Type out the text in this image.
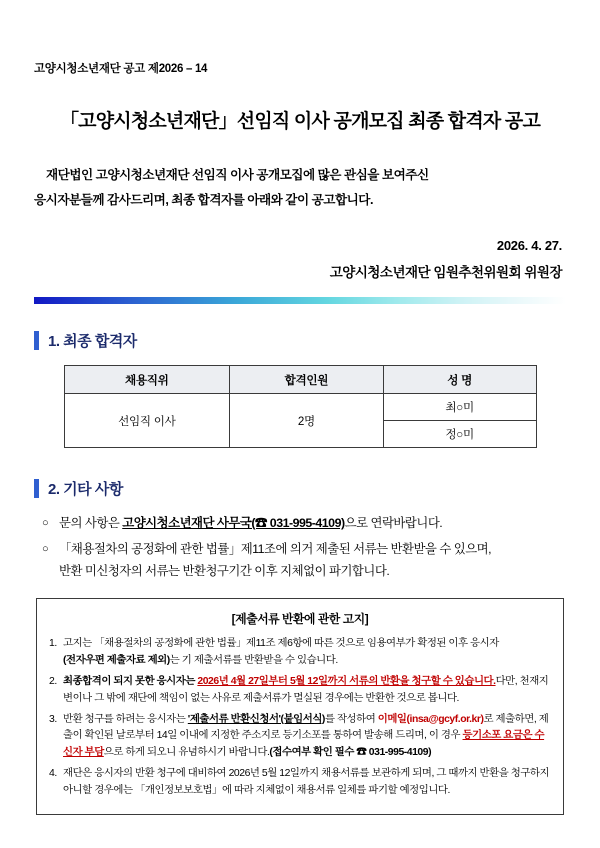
고양시청소년재단 공고 제2026 – 14
「고양시청소년재단」선임직 이사 공개모집 최종 합격자 공고
재단법인 고양시청소년재단 선임직 이사 공개모집에 많은 관심을 보여주신
응시자분들께 감사드리며, 최종 합격자를 아래와 같이 공고합니다.
2026. 4. 27.
고양시청소년재단 임원추천위원회 위원장
1. 최종 합격자
채용직위	합격인원	성 명
선임직 이사	2명	최○미
		정○미
2. 기타 사항
○ 문의 사항은 고양시청소년재단 사무국(☎ 031-995-4109)으로 연락바랍니다.
○ 「채용절차의 공정화에 관한 법률」제11조에 의거 제출된 서류는 반환받을 수 있으며,
반환 미신청자의 서류는 반환청구기간 이후 지체없이 파기합니다.
[제출서류 반환에 관한 고지]
1. 고지는 「채용절차의 공정화에 관한 법률」제11조 제6항에 따른 것으로 임용여부가 확정된 이후 응시자
(전자우편 제출자료 제외)는 기 제출서류를 반환받을 수 있습니다.
2. 최종합격이 되지 못한 응시자는 2026년 4월 27일부터 5월 12일까지 서류의 반환을 청구할 수 있습니다.다만, 천재지변이나 그 밖에 재단에 책임이 없는 사유로 제출서류가 멸실된 경우에는 반환한 것으로 봅니다.
3. 반환 청구를 하려는 응시자는 '제출서류 반환신청서'(붙임서식)를 작성하여 이메일(insa@gcyf.or.kr)로 제출하면, 제출이 확인된 날로부터 14일 이내에 지정한 주소지로 등기소포를 통하여 발송해 드리며, 이 경우 등기소포 요금은 수신자 부담으로 하게 되오니 유념하시기 바랍니다.(접수여부 확인 필수 ☎ 031-995-4109)
4. 재단은 응시자의 반환 청구에 대비하여 2026년 5월 12일까지 채용서류를 보관하게 되며, 그 때까지 반환을 청구하지 아니할 경우에는 「개인정보보호법」에 따라 지체없이 채용서류 일체를 파기할 예정입니다.
